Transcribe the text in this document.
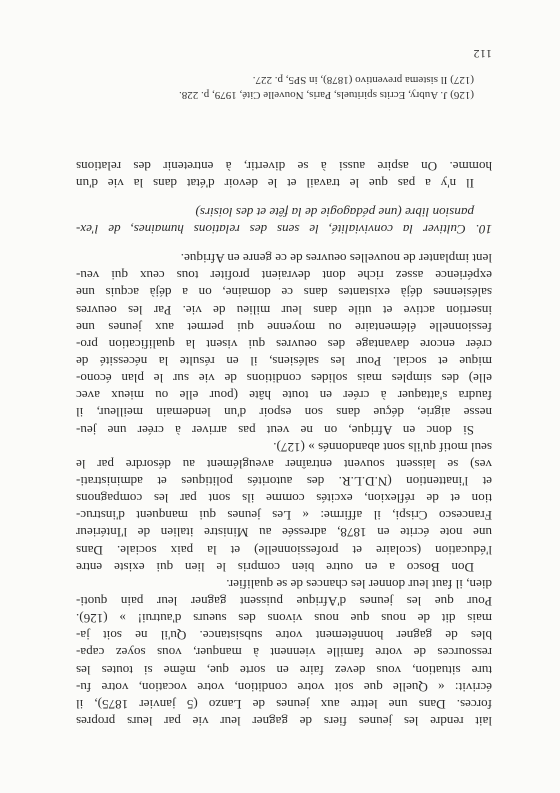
lait rendre les jeunes fiers de gagner leur vie par leurs propres
forces. Dans une lettre aux jeunes de Lanzo (5 janvier 1875), il
écrivit: « Quelle que soit votre condition, votre vocation, votre fu-
ture situation, vous devez faire en sorte que, même si toutes les
ressources de votre famille viennent à manquer, vous soyez capa-
bles de gagner honnêtement votre subsistance. Qu'il ne soit ja-
mais dit de nous que nous vivons des sueurs d'autrui! » (126).
Pour que les jeunes d'Afrique puissent gagner leur pain quoti-
dien, il faut leur donner les chances de se qualifier.
Don Bosco a en outre bien compris le lien qui existe entre
l'éducation (scolaire et professionnelle) et la paix sociale. Dans
une note écrite en 1878, adressée au Ministre italien de l'Intérieur
Francesco Crispi, il affirme: « Les jeunes qui manquent d'instruc-
tion et de réflexion, excités comme ils sont par les compagnons
et l'inattention (N.D.L.R. des autorités politiques et administrati-
ves) se laissent souvent entraîner aveuglément au désordre par le
seul motif qu'ils sont abandonnés » (127).
Si donc en Afrique, on ne veut pas arriver à créer une jeu-
nesse aigrie, déçue dans son espoir d'un lendemain meilleur, il
faudra s'attaquer à créer en toute hâte (pour elle ou mieux avec
elle) des simples mais solides conditions de vie sur le plan écono-
mique et social. Pour les salésiens, il en résulte la nécessité de
créer encore davantage des oeuvres qui visent la qualification pro-
fessionnelle élémentaire ou moyenne qui permet aux jeunes une
insertion active et utile dans leur milieu de vie. Par les oeuvres
salésiennes déjà existantes dans ce domaine, on a déjà acquis une
expérience assez riche dont devraient profiter tous ceux qui veu-
lent implanter de nouvelles oeuvres de ce genre en Afrique.
10. Cultiver la convivialité, le sens des relations humaines, de l'ex-
pansion libre (une pédagogie de la fête et des loisirs)
Il n'y a pas que le travail et le devoir d'état dans la vie d'un
homme. On aspire aussi à se divertir, à entretenir des relations
(126) J. Aubry, Ecrits spirituels, Paris, Nouvelle Cité, 1979, p. 228.
(127) Il sistema preventivo (1878), in SP5, p. 227.
112
